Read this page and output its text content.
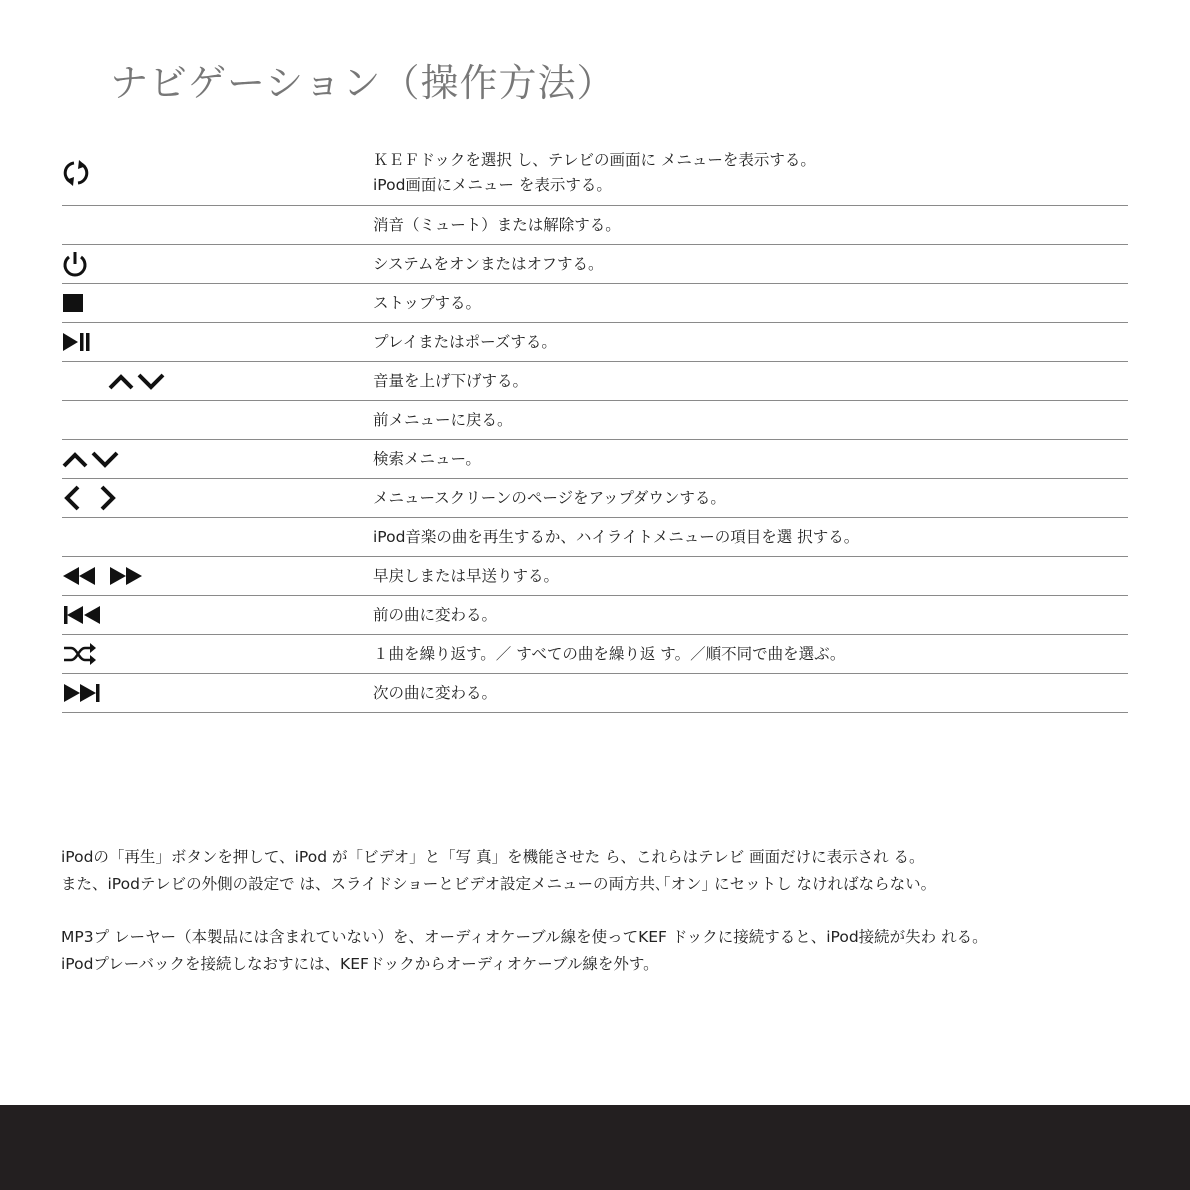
ナビゲーション（操作方法）
ＫＥＦドックを選択 し、テレビの画面に メニューを表示する。
iPod画面にメニュー を表示する。
消音（ミュート）または解除する。
システムをオンまたはオフする。
ストップする。
プレイまたはポーズする。
音量を上げ下げする。
前メニューに戻る。
検索メニュー。
メニュースクリーンのページをアップダウンする。
iPod音楽の曲を再生するか、ハイライトメニューの項目を選 択する。
早戻しまたは早送りする。
前の曲に変わる。
１曲を繰り返す。／ すべての曲を繰り返 す。／順不同で曲を選ぶ。
次の曲に変わる。

iPodの「再生」ボタンを押して、iPod が「ビデオ」と「写 真」を機能させた ら、これらはテレビ 画面だけに表示され る。

また、iPodテレビの外側の設定で は、スライドショーとビデオ設定メニューの両方共､｢オン｣ にセットし なければならない。

MP3プ レーヤー（本製品には含まれていない）を、オーディオケーブル線を使ってKEF ドックに接続すると、iPod接続が失わ れる。

iPodプレーバックを接続しなおすには、KEFドックからオーディオケーブル線を外す。
